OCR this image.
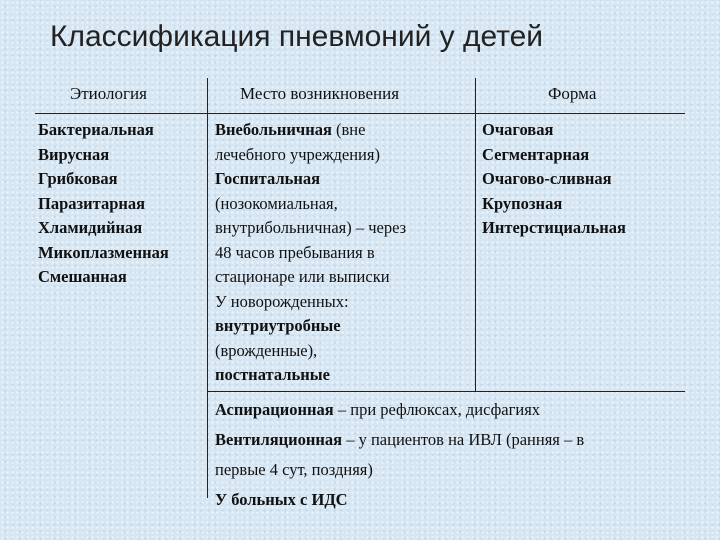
Классификация пневмоний у детей
Этиология	Место возникновения	Форма
Бактериальная
Вирусная
Грибковая
Паразитарная
Хламидийная
Микоплазменная
Смешанная
Внебольничная (вне
лечебного учреждения)
Госпитальная
(нозокомиальная,
внутрибольничная) – через
48 часов пребывания в
стационаре или выписки
У новорожденных:
внутриутробные
(врожденные),
постнатальные
Очаговая
Сегментарная
Очагово-сливная
Крупозная
Интерстициальная
Аспирационная – при рефлюксах, дисфагиях
Вентиляционная – у пациентов на ИВЛ (ранняя – в
первые 4 сут, поздняя)
У больных с ИДС
